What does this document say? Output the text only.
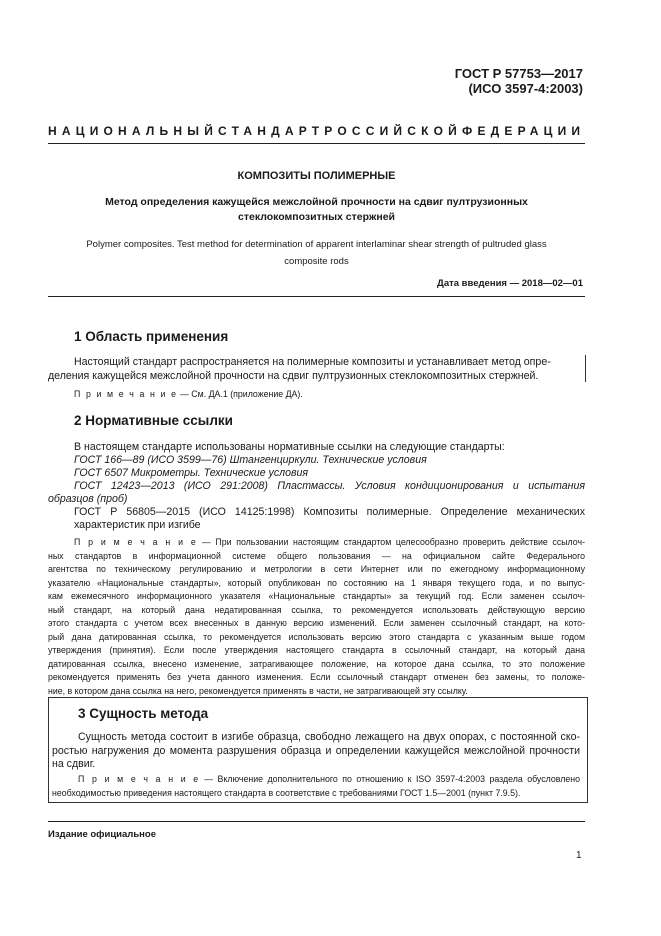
ГОСТ Р 57753—2017
(ИСО 3597-4:2003)
НАЦИОНАЛЬНЫЙ СТАНДАРТ РОССИЙСКОЙ ФЕДЕРАЦИИ
КОМПОЗИТЫ ПОЛИМЕРНЫЕ
Метод определения кажущейся межслойной прочности на сдвиг пултрузионных
стеклокомпозитных стержней
Polymer composites. Test method for determination of apparent interlaminar shear strength of pultruded glass
composite rods
Дата введения — 2018—02—01
1 Область применения
Настоящий стандарт распространяется на полимерные композиты и устанавливает метод опре-
деления кажущейся межслойной прочности на сдвиг пултрузионных стеклокомпозитных стержней.
П р и м е ч а н и е — См. ДА.1 (приложение ДА).
2 Нормативные ссылки
В настоящем стандарте использованы нормативные ссылки на следующие стандарты:
ГОСТ 166—89 (ИСО 3599—76) Штангенциркули. Технические условия
ГОСТ 6507 Микрометры. Технические условия
ГОСТ 12423—2013 (ИСО 291:2008) Пластмассы. Условия кондиционирования и испытания
образцов (проб)
ГОСТ Р 56805—2015 (ИСО 14125:1998) Композиты полимерные. Определение механических
характеристик при изгибе
П р и м е ч а н и е — При пользовании настоящим стандартом целесообразно проверить действие ссылоч-
ных стандартов в информационной системе общего пользования — на официальном сайте Федерального
агентства по техническому регулированию и метрологии в сети Интернет или по ежегодному информационному
указателю «Национальные стандарты», который опубликован по состоянию на 1 января текущего года, и по выпус-
кам ежемесячного информационного указателя «Национальные стандарты» за текущий год. Если заменен ссылоч-
ный стандарт, на который дана недатированная ссылка, то рекомендуется использовать действующую версию
этого стандарта с учетом всех внесенных в данную версию изменений. Если заменен ссылочный стандарт, на кото-
рый дана датированная ссылка, то рекомендуется использовать версию этого стандарта с указанным выше годом
утверждения (принятия). Если после утверждения настоящего стандарта в ссылочный стандарт, на который дана
датированная ссылка, внесено изменение, затрагивающее положение, на которое дана ссылка, то это положение
рекомендуется применять без учета данного изменения. Если ссылочный стандарт отменен без замены, то положе-
ние, в котором дана ссылка на него, рекомендуется применять в части, не затрагивающей эту ссылку.
3 Сущность метода
Сущность метода состоит в изгибе образца, свободно лежащего на двух опорах, с постоянной ско-
ростью нагружения до момента разрушения образца и определении кажущейся межслойной прочности
на сдвиг.
П р и м е ч а н и е — Включение дополнительного по отношению к ISO 3597-4:2003 раздела обусловлено
необходимостью приведения настоящего стандарта в соответствие с требованиями ГОСТ 1.5—2001 (пункт 7.9.5).
Издание официальное
1
